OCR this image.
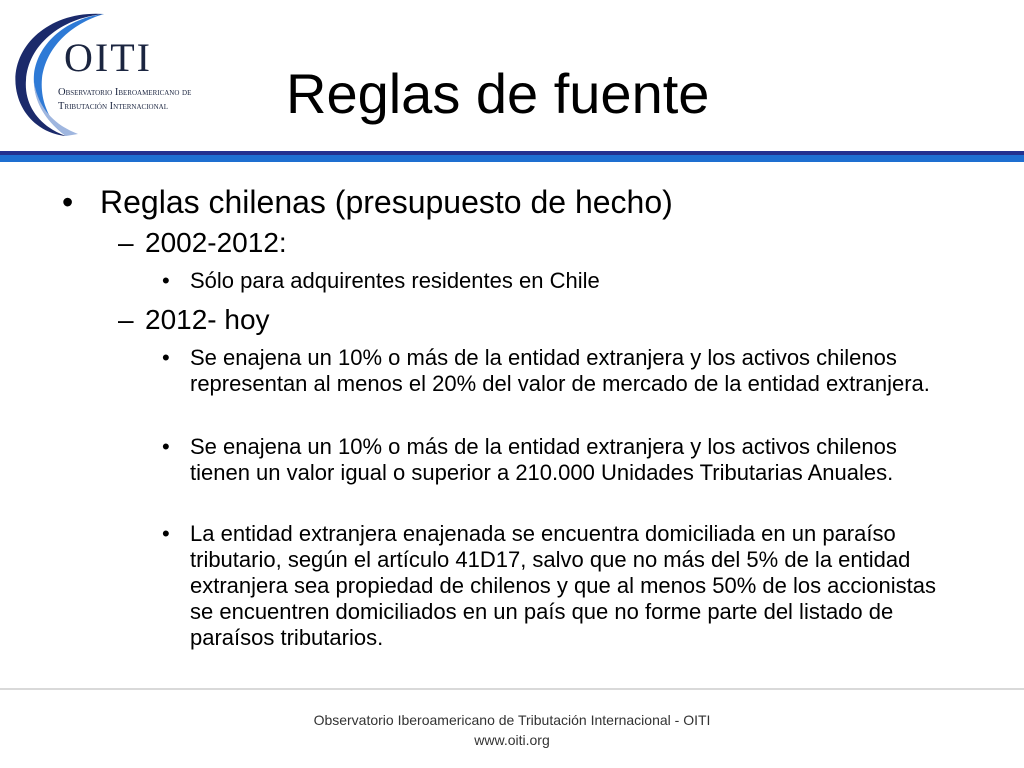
OITI
Observatorio Iberoamericano de
Tributación Internacional	Reglas de fuente
• Reglas chilenas (presupuesto de hecho)
– 2002-2012:
• Sólo para adquirentes residentes en Chile
– 2012- hoy
• Se enajena un 10% o más de la entidad extranjera y los activos chilenos representan al menos el 20% del valor de mercado de la entidad extranjera.
• Se enajena un 10% o más de la entidad extranjera y los activos chilenos tienen un valor igual o superior a 210.000 Unidades Tributarias Anuales.
• La entidad extranjera enajenada se encuentra domiciliada en un paraíso tributario, según el artículo 41D17, salvo que no más del 5% de la entidad extranjera sea propiedad de chilenos y que al menos 50% de los accionistas se encuentren domiciliados en un país que no forme parte del listado de paraísos tributarios.
Observatorio Iberoamericano de Tributación Internacional - OITI
www.oiti.org
